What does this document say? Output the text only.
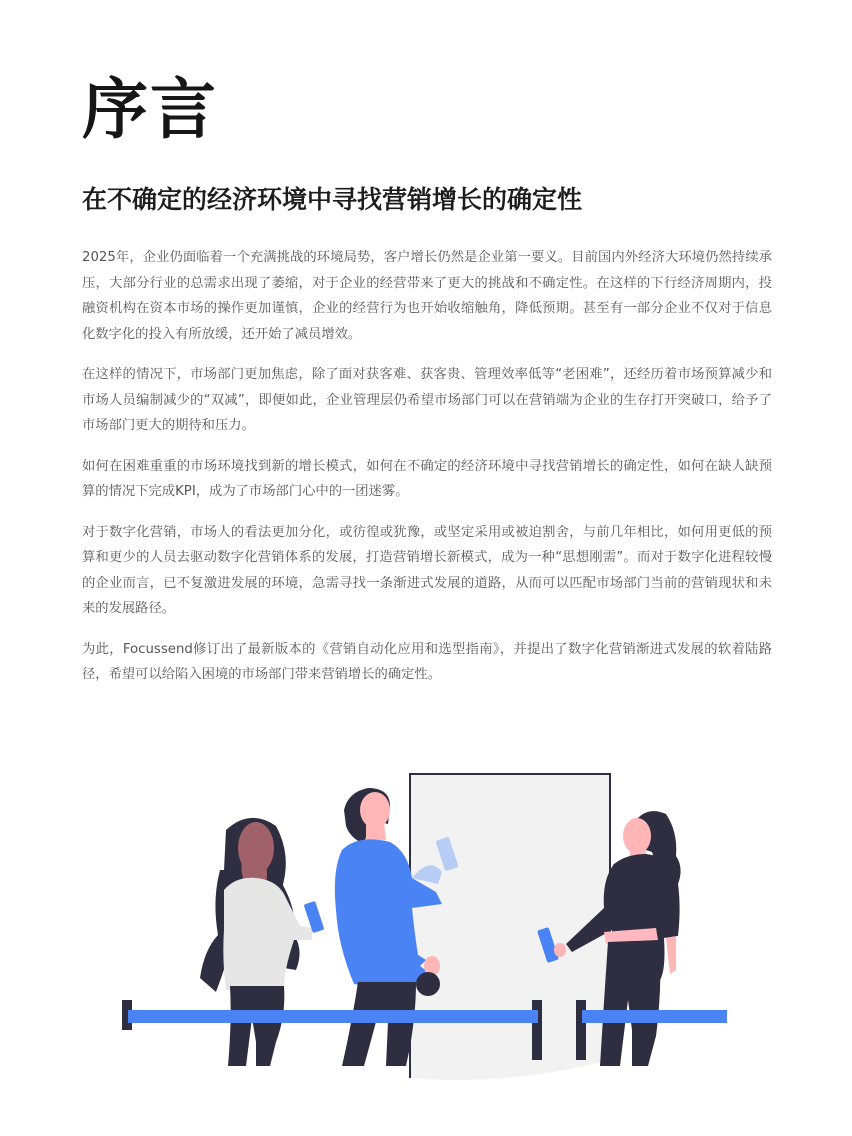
序言
在不确定的经济环境中寻找营销增长的确定性

2025年，企业仍面临着一个充满挑战的环境局势，客户增长仍然是企业第一要义。目前国内外经济大环境仍然持续承压，大部分行业的总需求出现了萎缩，对于企业的经营带来了更大的挑战和不确定性。在这样的下行经济周期内，投融资机构在资本市场的操作更加谨慎，企业的经营行为也开始收缩触角，降低预期。甚至有一部分企业不仅对于信息化数字化的投入有所放缓，还开始了减员增效。

在这样的情况下，市场部门更加焦虑，除了面对获客难、获客贵、管理效率低等“老困难”，还经历着市场预算减少和市场人员编制减少的“双减”，即便如此，企业管理层仍希望市场部门可以在营销端为企业的生存打开突破口，给予了市场部门更大的期待和压力。

如何在困难重重的市场环境找到新的增长模式，如何在不确定的经济环境中寻找营销增长的确定性，如何在缺人缺预算的情况下完成KPI，成为了市场部门心中的一团迷雾。

对于数字化营销，市场人的看法更加分化，或彷徨或犹豫，或坚定采用或被迫割舍，与前几年相比，如何用更低的预算和更少的人员去驱动数字化营销体系的发展，打造营销增长新模式，成为一种“思想刚需”。而对于数字化进程较慢的企业而言，已不复激进发展的环境，急需寻找一条渐进式发展的道路，从而可以匹配市场部门当前的营销现状和未来的发展路径。

为此，Focussend修订出了最新版本的《营销自动化应用和选型指南》，并提出了数字化营销渐进式发展的软着陆路径，希望可以给陷入困境的市场部门带来营销增长的确定性。
